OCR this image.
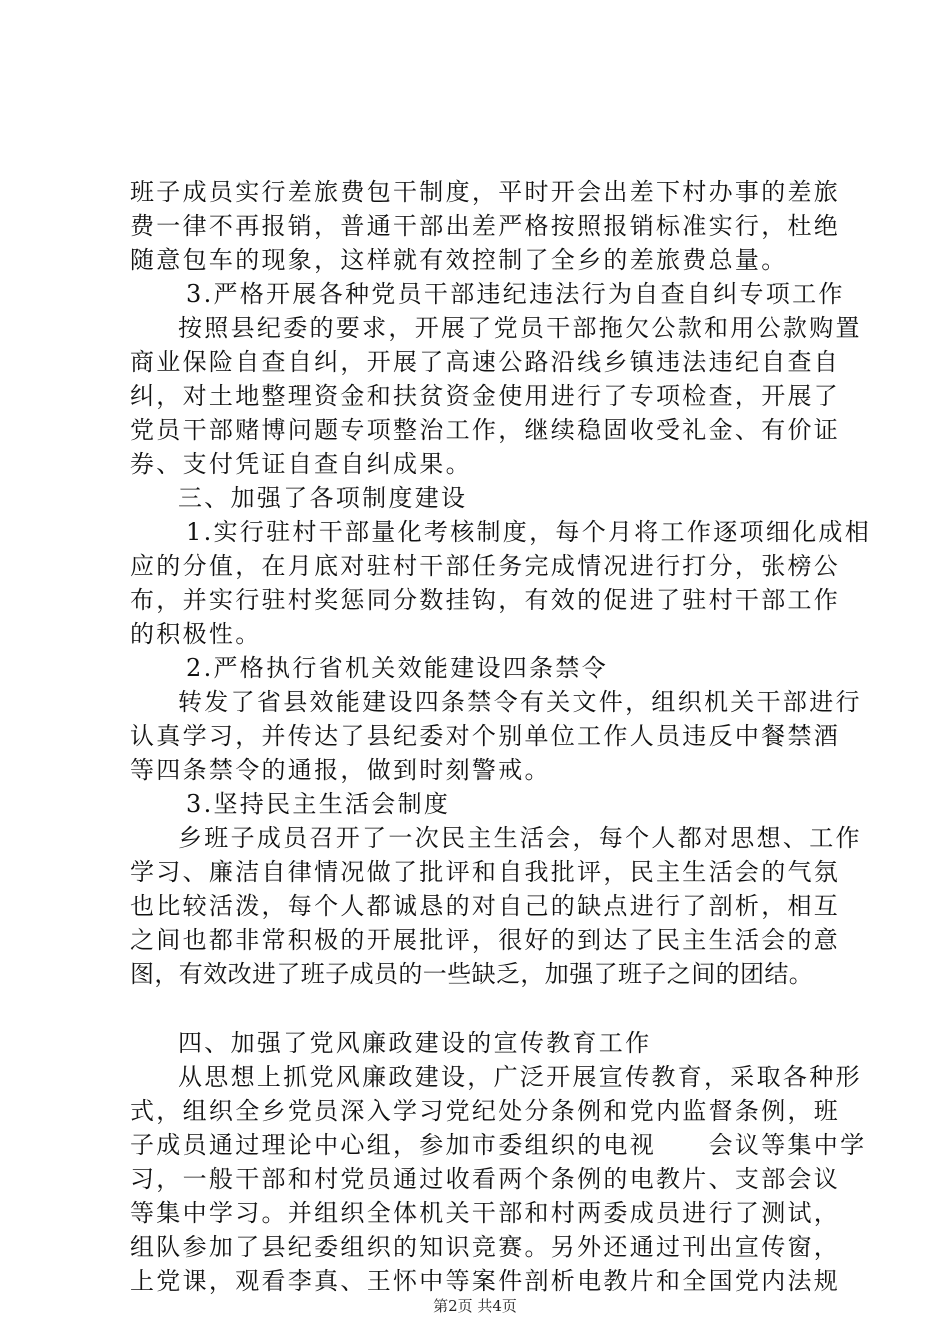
班子成员实行差旅费包干制度，平时开会出差下村办事的差旅
费一律不再报销，普通干部出差严格按照报销标准实行，杜绝
随意包车的现象，这样就有效控制了全乡的差旅费总量。
3.严格开展各种党员干部违纪违法行为自查自纠专项工作
按照县纪委的要求，开展了党员干部拖欠公款和用公款购置
商业保险自查自纠，开展了高速公路沿线乡镇违法违纪自查自
纠，对土地整理资金和扶贫资金使用进行了专项检查，开展了
党员干部赌博问题专项整治工作，继续稳固收受礼金、有价证
券、支付凭证自查自纠成果。
三、加强了各项制度建设
1.实行驻村干部量化考核制度，每个月将工作逐项细化成相
应的分值，在月底对驻村干部任务完成情况进行打分，张榜公
布，并实行驻村奖惩同分数挂钩，有效的促进了驻村干部工作
的积极性。
2.严格执行省机关效能建设四条禁令
转发了省县效能建设四条禁令有关文件，组织机关干部进行
认真学习，并传达了县纪委对个别单位工作人员违反中餐禁酒
等四条禁令的通报，做到时刻警戒。
3.坚持民主生活会制度
乡班子成员召开了一次民主生活会，每个人都对思想、工作
学习、廉洁自律情况做了批评和自我批评，民主生活会的气氛
也比较活泼，每个人都诚恳的对自己的缺点进行了剖析，相互
之间也都非常积极的开展批评，很好的到达了民主生活会的意
图，有效改进了班子成员的一些缺乏，加强了班子之间的团结。
四、加强了党风廉政建设的宣传教育工作
从思想上抓党风廉政建设，广泛开展宣传教育，采取各种形
式，组织全乡党员深入学习党纪处分条例和党内监督条例，班
子成员通过理论中心组，参加市委组织的电视　　会议等集中学
习，一般干部和村党员通过收看两个条例的电教片、支部会议
等集中学习。并组织全体机关干部和村两委成员进行了测试，
组队参加了县纪委组织的知识竞赛。另外还通过刊出宣传窗，
上党课，观看李真、王怀中等案件剖析电教片和全国党内法规
第2页 共4页
